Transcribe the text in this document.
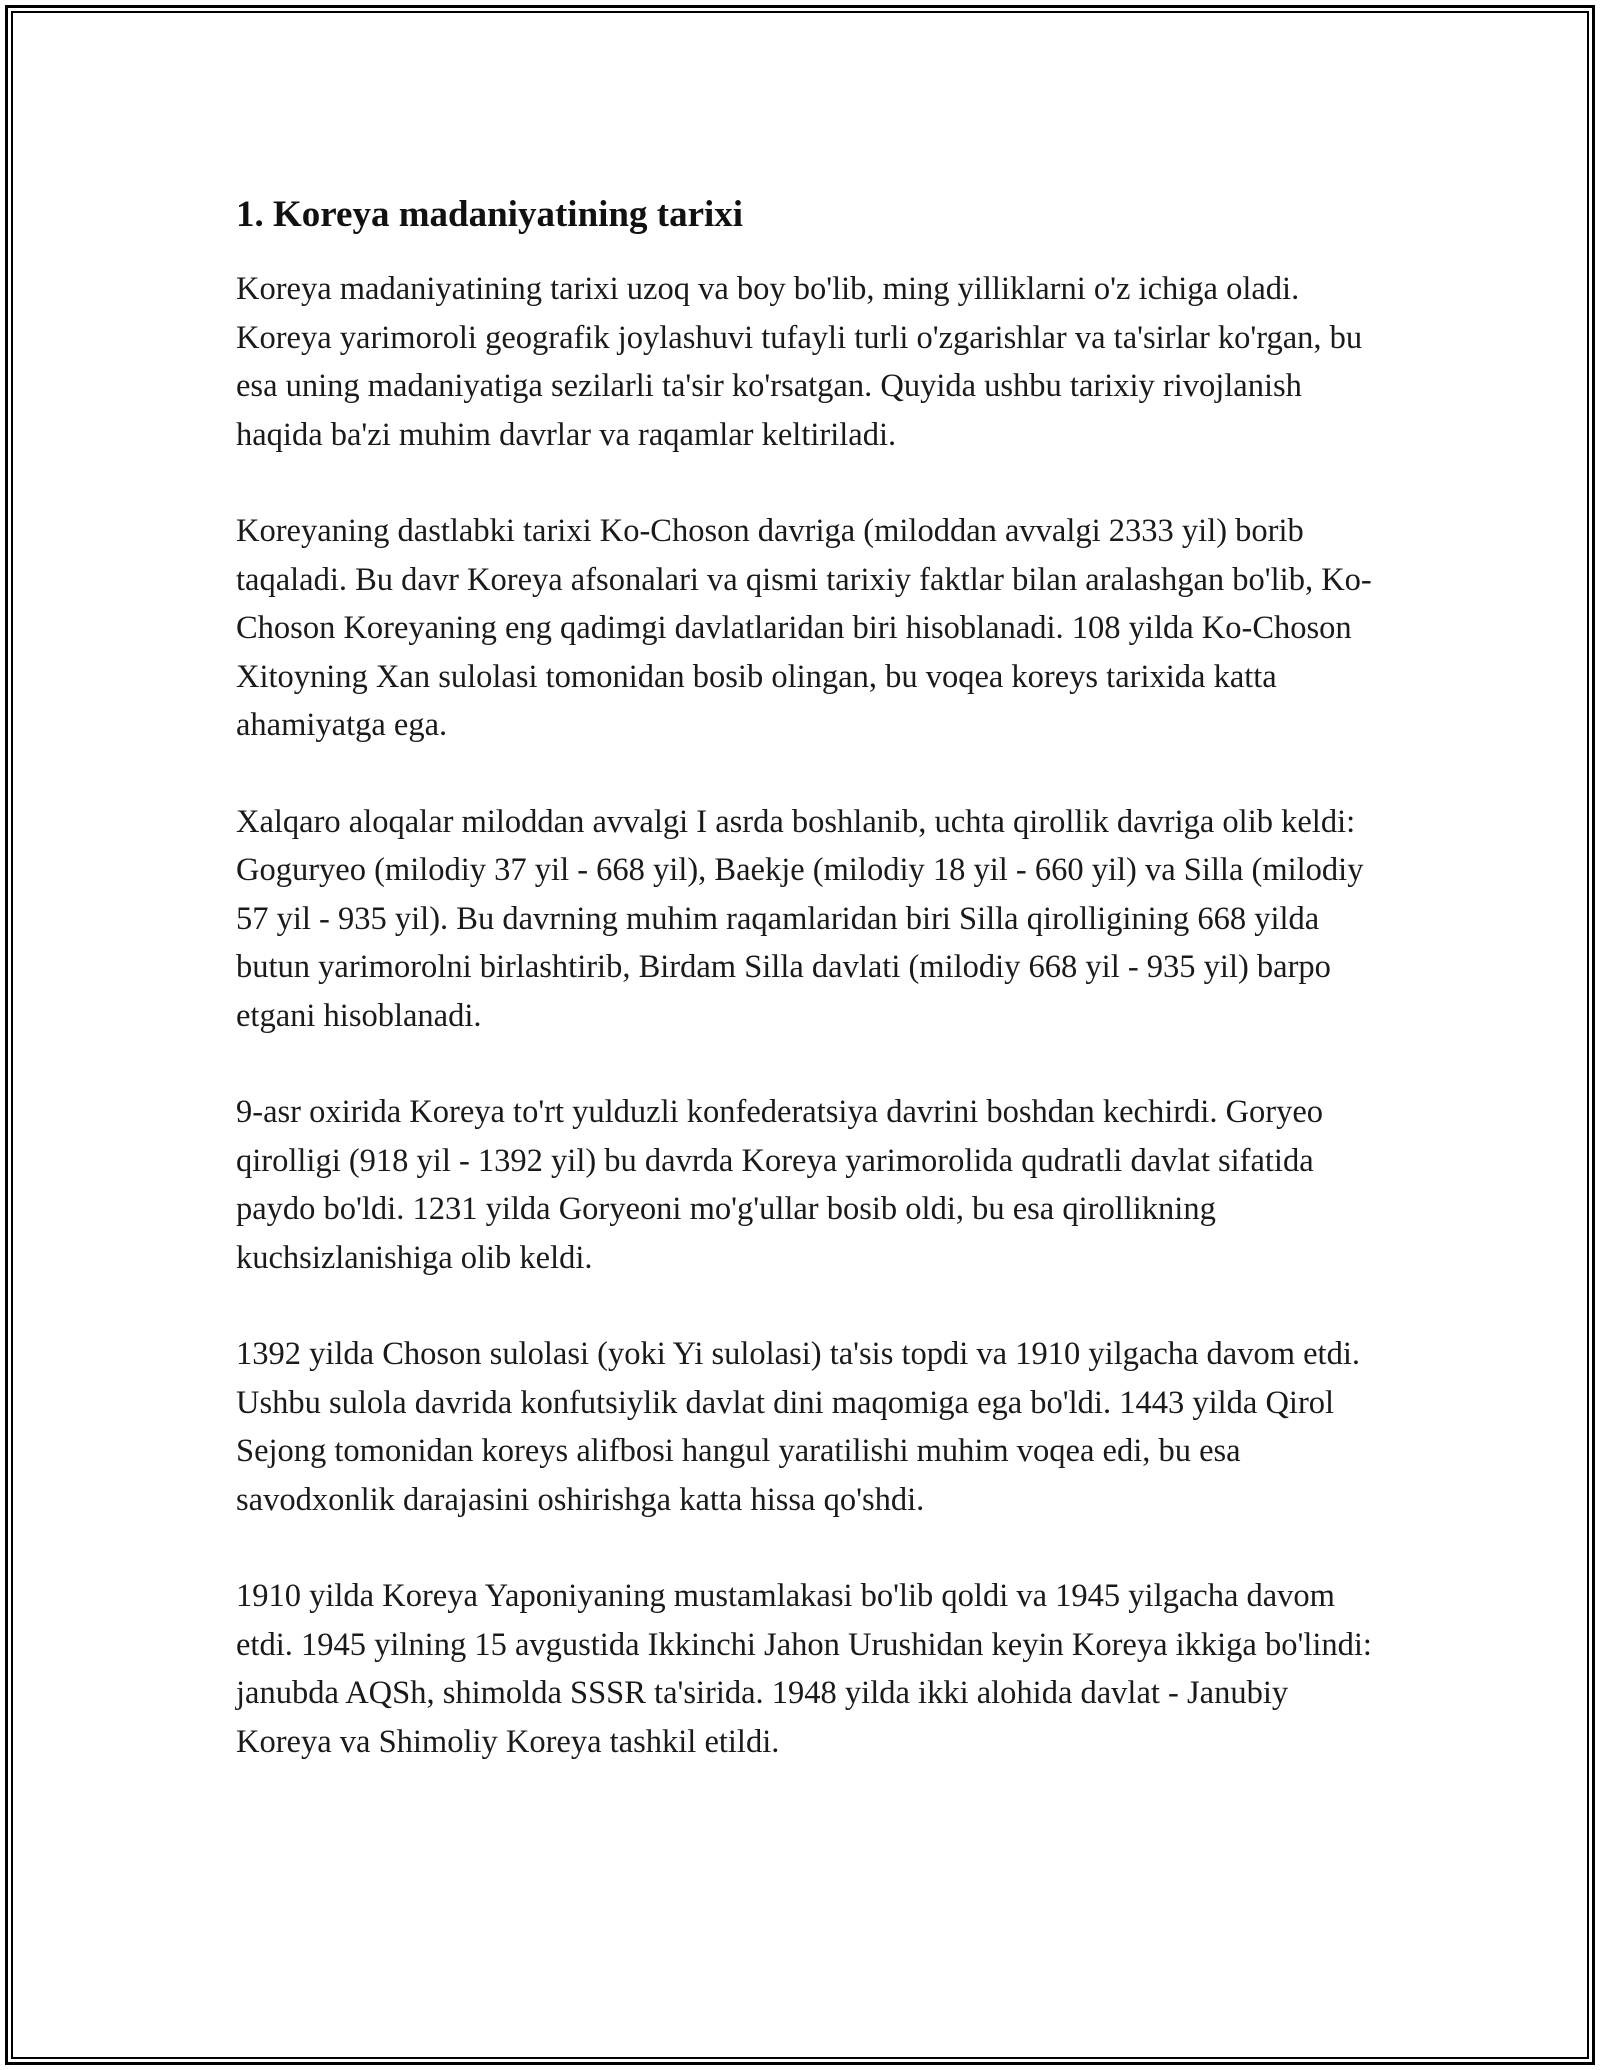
1. Koreya madaniyatining tarixi

Koreya madaniyatining tarixi uzoq va boy bo'lib, ming yilliklarni o'z ichiga oladi. Koreya yarimoroli geografik joylashuvi tufayli turli o'zgarishlar va ta'sirlar ko'rgan, bu esa uning madaniyatiga sezilarli ta'sir ko'rsatgan. Quyida ushbu tarixiy rivojlanish haqida ba'zi muhim davrlar va raqamlar keltiriladi.

Koreyaning dastlabki tarixi Ko-Choson davriga (miloddan avvalgi 2333 yil) borib taqaladi. Bu davr Koreya afsonalari va qismi tarixiy faktlar bilan aralashgan bo'lib, Ko-Choson Koreyaning eng qadimgi davlatlaridan biri hisoblanadi. 108 yilda Ko-Choson Xitoyning Xan sulolasi tomonidan bosib olingan, bu voqea koreys tarixida katta ahamiyatga ega.

Xalqaro aloqalar miloddan avvalgi I asrda boshlanib, uchta qirollik davriga olib keldi: Goguryeo (milodiy 37 yil - 668 yil), Baekje (milodiy 18 yil - 660 yil) va Silla (milodiy 57 yil - 935 yil). Bu davrning muhim raqamlaridan biri Silla qirolligining 668 yilda butun yarimorolni birlashtirib, Birdam Silla davlati (milodiy 668 yil - 935 yil) barpo etgani hisoblanadi.

9-asr oxirida Koreya to'rt yulduzli konfederatsiya davrini boshdan kechirdi. Goryeo qirolligi (918 yil - 1392 yil) bu davrda Koreya yarimorolida qudratli davlat sifatida paydo bo'ldi. 1231 yilda Goryeoni mo'g'ullar bosib oldi, bu esa qirollikning kuchsizlanishiga olib keldi.

1392 yilda Choson sulolasi (yoki Yi sulolasi) ta'sis topdi va 1910 yilgacha davom etdi. Ushbu sulola davrida konfutsiylik davlat dini maqomiga ega bo'ldi. 1443 yilda Qirol Sejong tomonidan koreys alifbosi hangul yaratilishi muhim voqea edi, bu esa savodxonlik darajasini oshirishga katta hissa qo'shdi.

1910 yilda Koreya Yaponiyaning mustamlakasi bo'lib qoldi va 1945 yilgacha davom etdi. 1945 yilning 15 avgustida Ikkinchi Jahon Urushidan keyin Koreya ikkiga bo'lindi: janubda AQSh, shimolda SSSR ta'sirida. 1948 yilda ikki alohida davlat - Janubiy Koreya va Shimoliy Koreya tashkil etildi.
